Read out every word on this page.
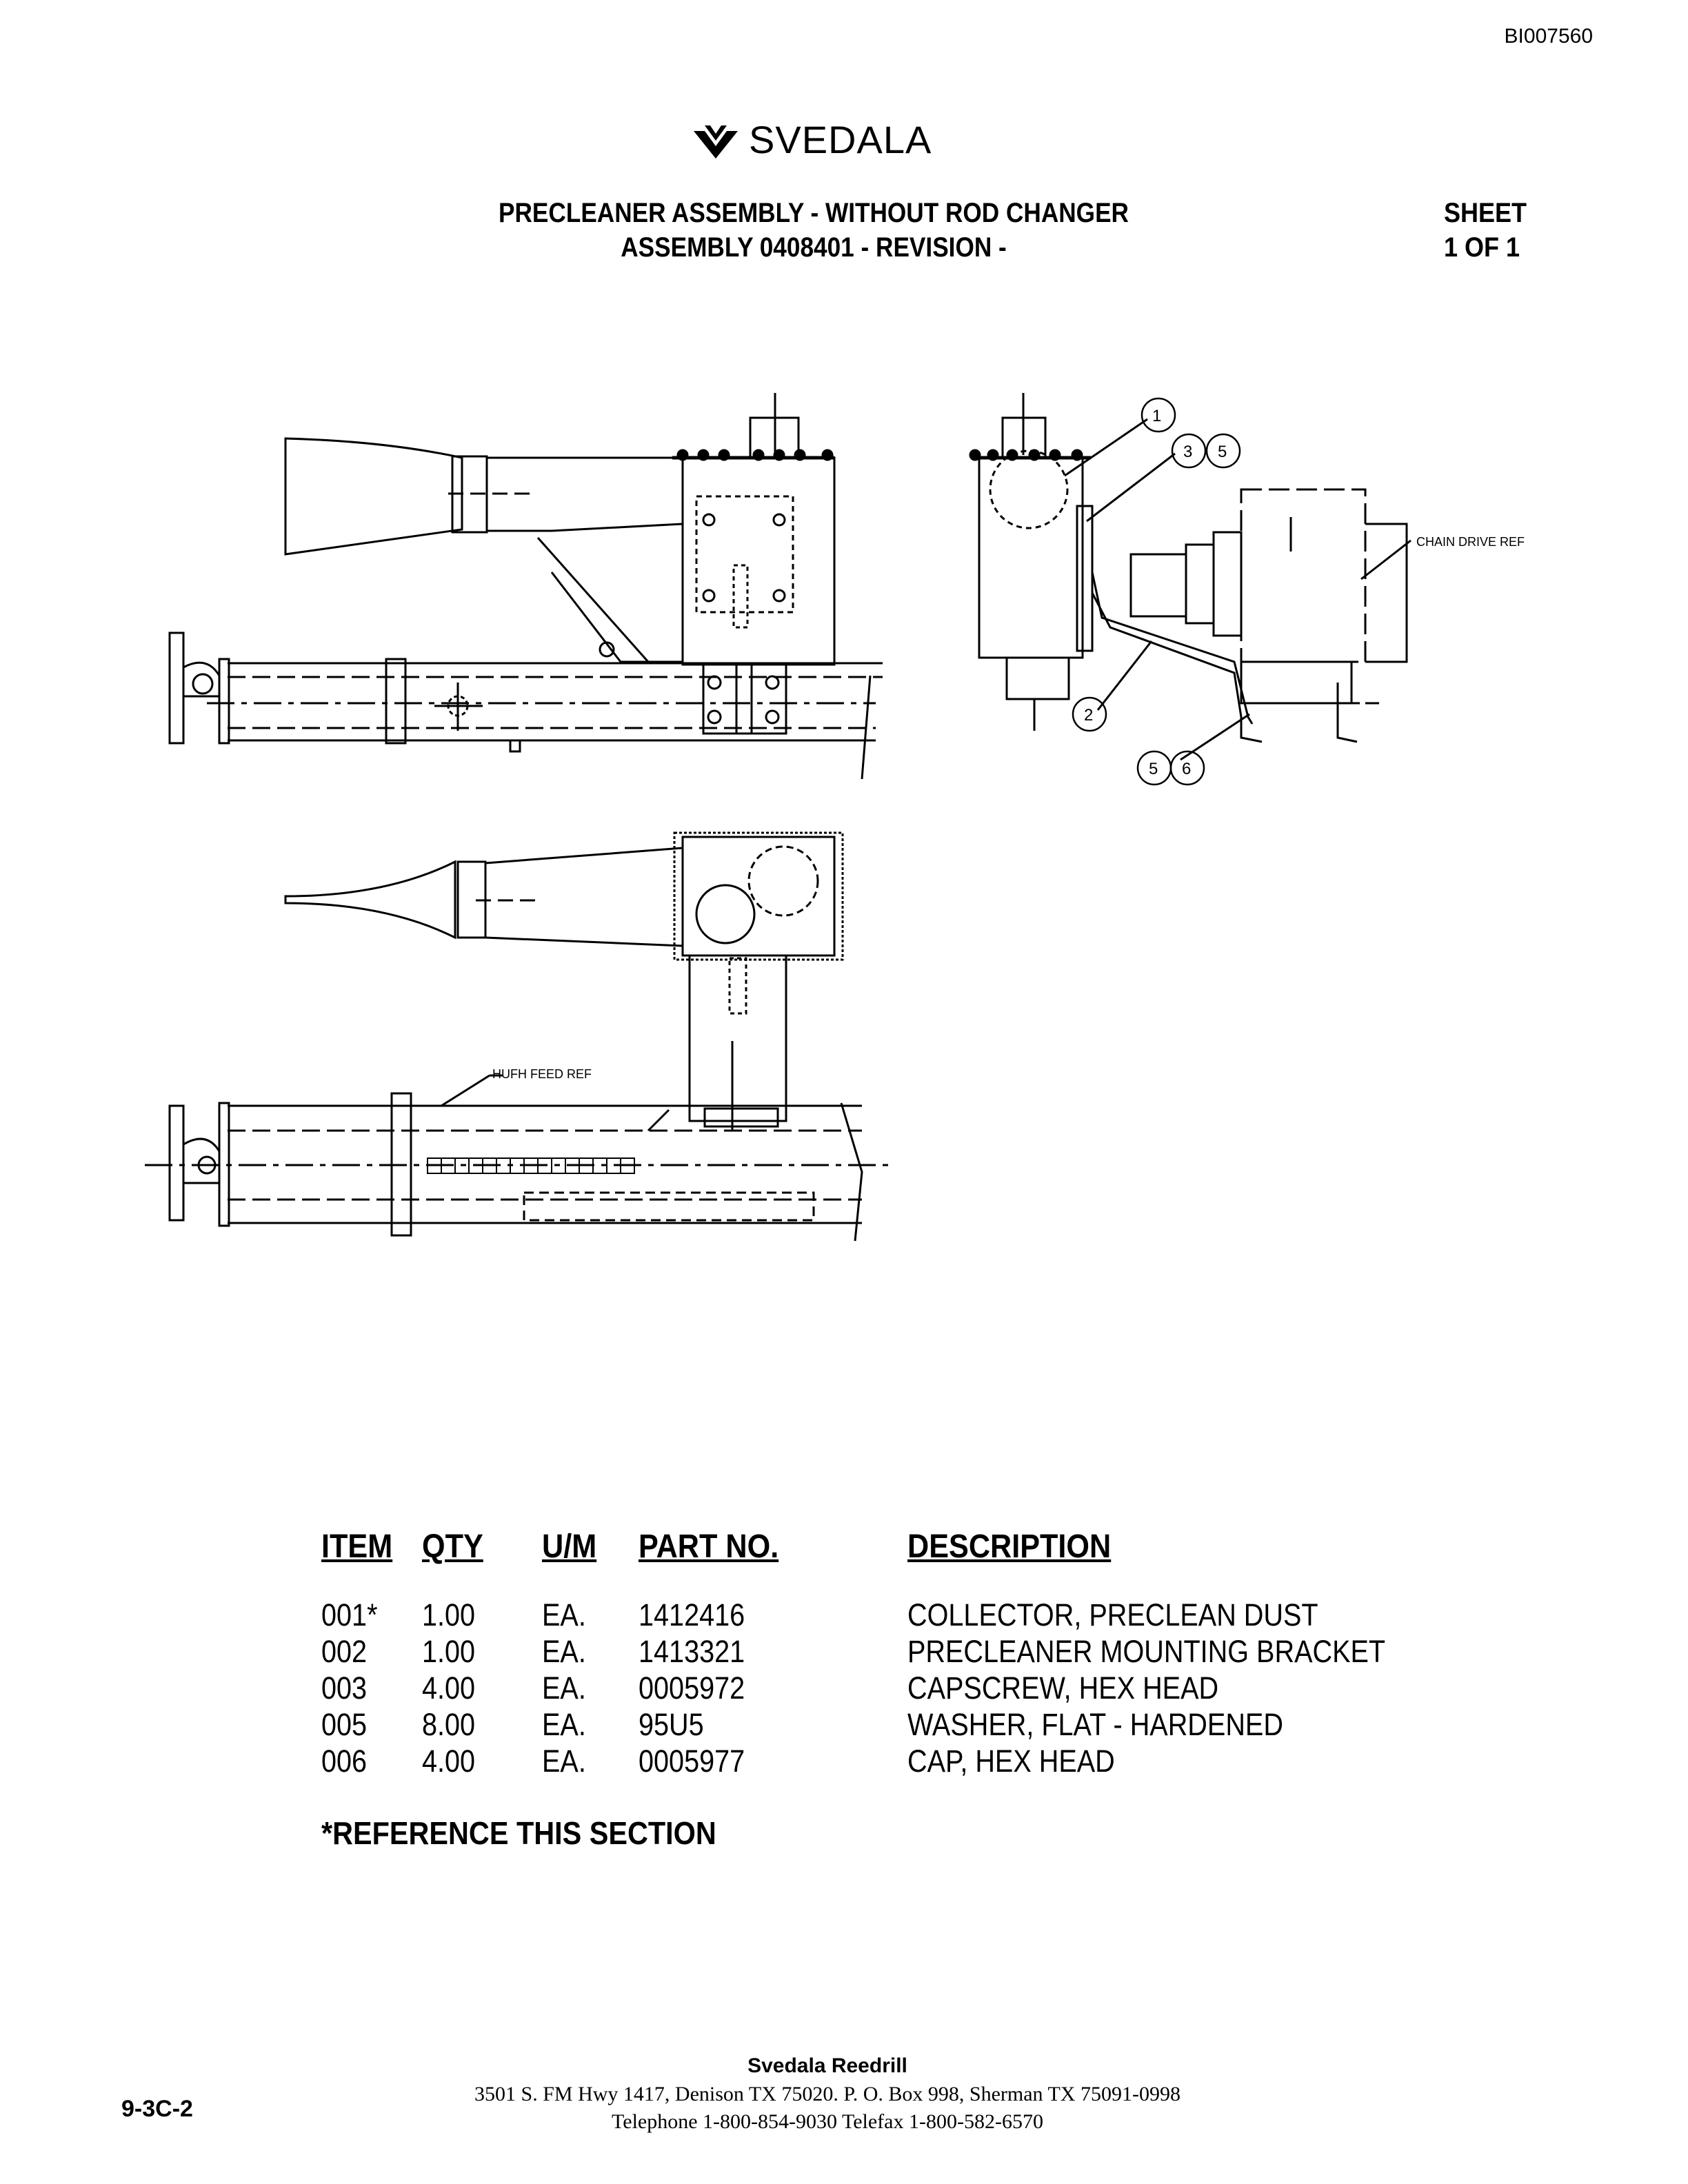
BI007560
SVEDALA
PRECLEANER ASSEMBLY - WITHOUT ROD CHANGER
ASSEMBLY 0408401 - REVISION -
SHEET
1 OF 1
CHAIN DRIVE REF
HUFH FEED REF
1
3 5
2
5 6
ITEM QTY U/M PART NO.	DESCRIPTION
001* 1.00 EA. 1412416	COLLECTOR, PRECLEAN DUST
002 1.00 EA. 1413321	PRECLEANER MOUNTING BRACKET
003 4.00 EA. 0005972	CAPSCREW, HEX HEAD
005 8.00 EA. 95U5	WASHER, FLAT - HARDENED
006 4.00 EA. 0005977	CAP, HEX HEAD
*REFERENCE THIS SECTION
Svedala Reedrill
3501 S. FM Hwy 1417, Denison TX 75020. P. O. Box 998, Sherman TX 75091-0998
Telephone 1-800-854-9030 Telefax 1-800-582-6570
9-3C-2
